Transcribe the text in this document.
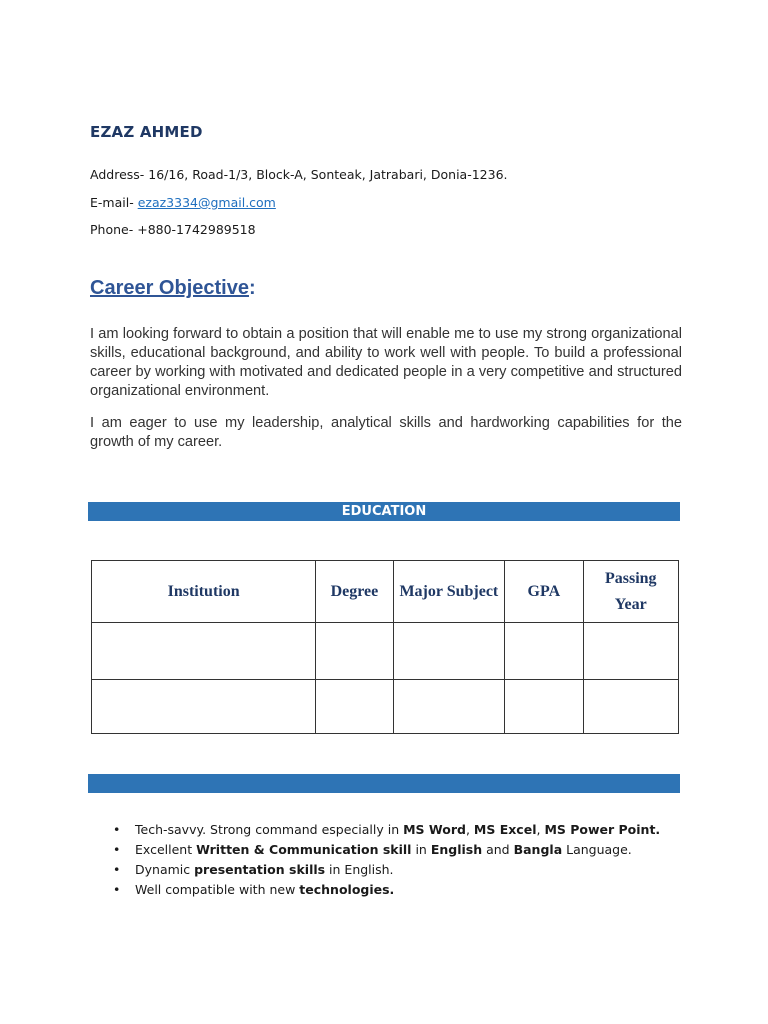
EZAZ AHMED
Address- 16/16, Road-1/3, Block-A, Sonteak, Jatrabari, Donia-1236.
E-mail- ezaz3334@gmail.com
Phone- +880-1742989518
Career Objective:

I am looking forward to obtain a position that will enable me to use my strong organizational skills, educational background, and ability to work well with people. To build a professional career by working with motivated and dedicated people in a very competitive and structured organizational environment.

I am eager to use my leadership, analytical skills and hardworking capabilities for the growth of my career.

EDUCATION
Institution	Degree	Major Subject	GPA	Passing Year

• Tech-savvy. Strong command especially in MS Word, MS Excel, MS Power Point.
• Excellent Written & Communication skill in English and Bangla Language.
• Dynamic presentation skills in English.
• Well compatible with new technologies.
